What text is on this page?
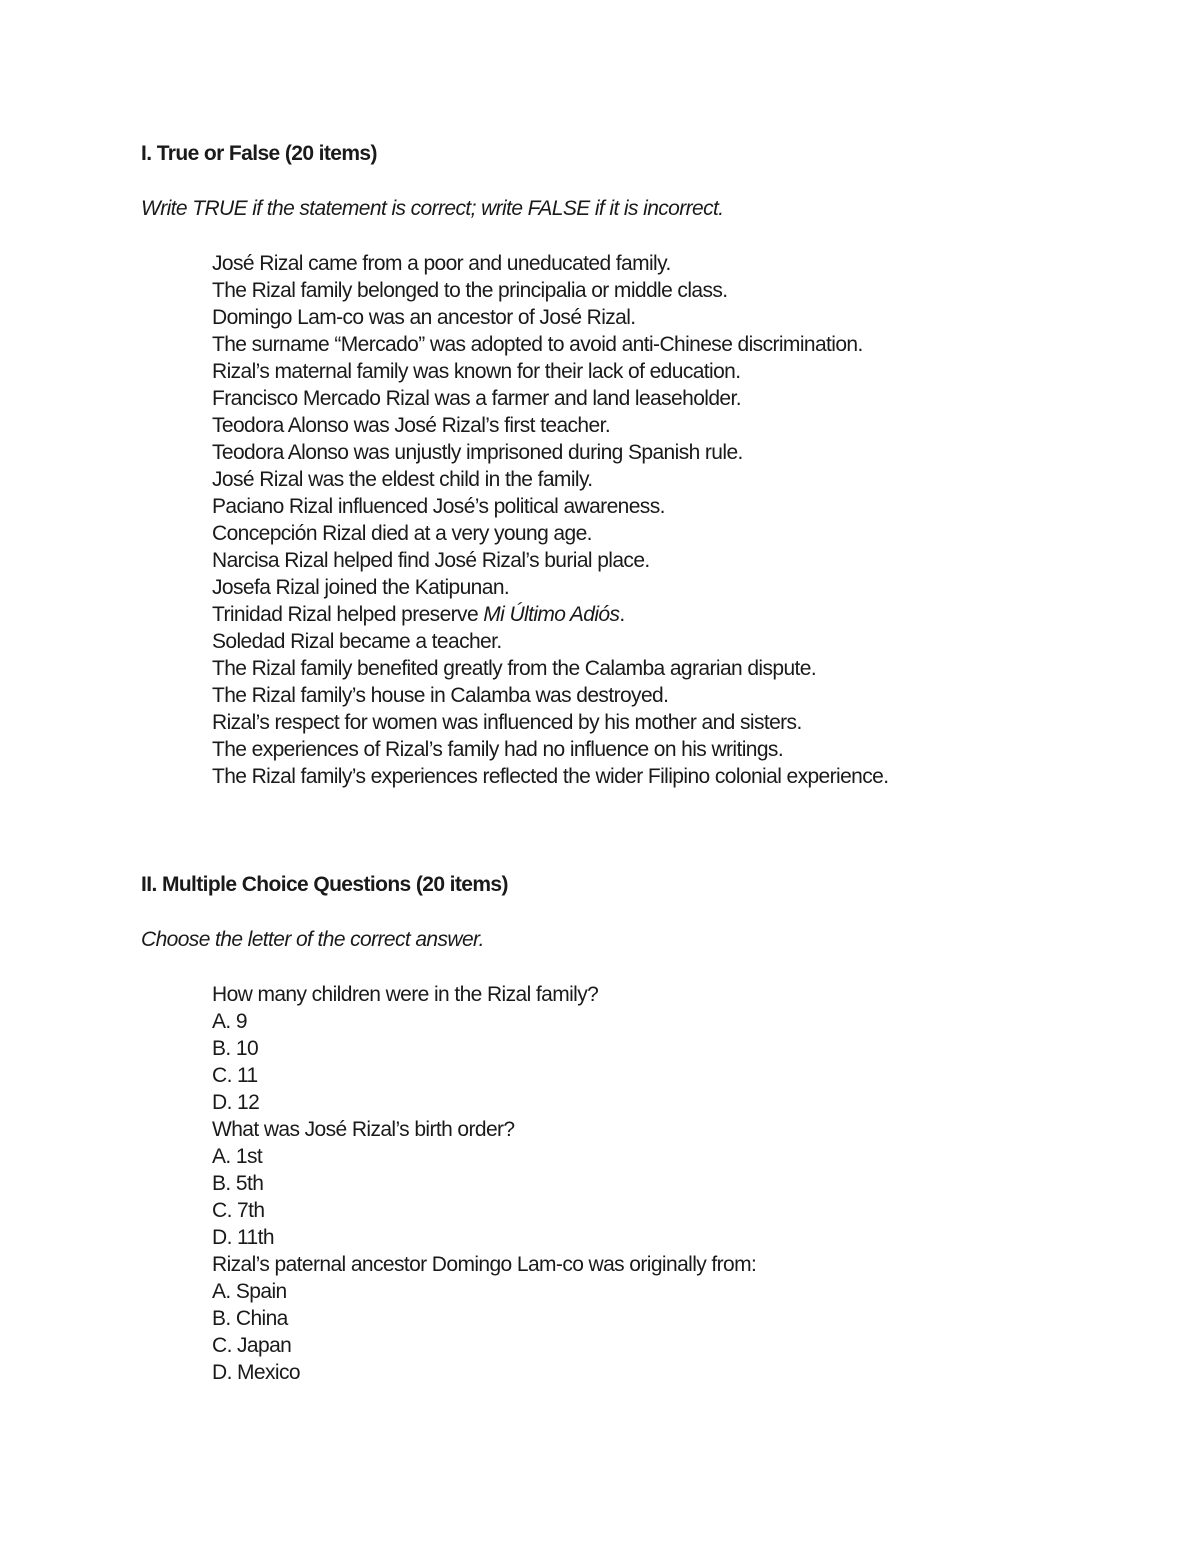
I. True or False (20 items)

Write TRUE if the statement is correct; write FALSE if it is incorrect.

José Rizal came from a poor and uneducated family.
The Rizal family belonged to the principalia or middle class.
Domingo Lam-co was an ancestor of José Rizal.
The surname “Mercado” was adopted to avoid anti-Chinese discrimination.
Rizal’s maternal family was known for their lack of education.
Francisco Mercado Rizal was a farmer and land leaseholder.
Teodora Alonso was José Rizal’s first teacher.
Teodora Alonso was unjustly imprisoned during Spanish rule.
José Rizal was the eldest child in the family.
Paciano Rizal influenced José’s political awareness.
Concepción Rizal died at a very young age.
Narcisa Rizal helped find José Rizal’s burial place.
Josefa Rizal joined the Katipunan.
Trinidad Rizal helped preserve Mi Último Adiós.
Soledad Rizal became a teacher.
The Rizal family benefited greatly from the Calamba agrarian dispute.
The Rizal family’s house in Calamba was destroyed.
Rizal’s respect for women was influenced by his mother and sisters.
The experiences of Rizal’s family had no influence on his writings.
The Rizal family’s experiences reflected the wider Filipino colonial experience.
II. Multiple Choice Questions (20 items)

Choose the letter of the correct answer.

How many children were in the Rizal family?
A. 9
B. 10
C. 11
D. 12
What was José Rizal’s birth order?
A. 1st
B. 5th
C. 7th
D. 11th
Rizal’s paternal ancestor Domingo Lam-co was originally from:
A. Spain
B. China
C. Japan
D. Mexico
